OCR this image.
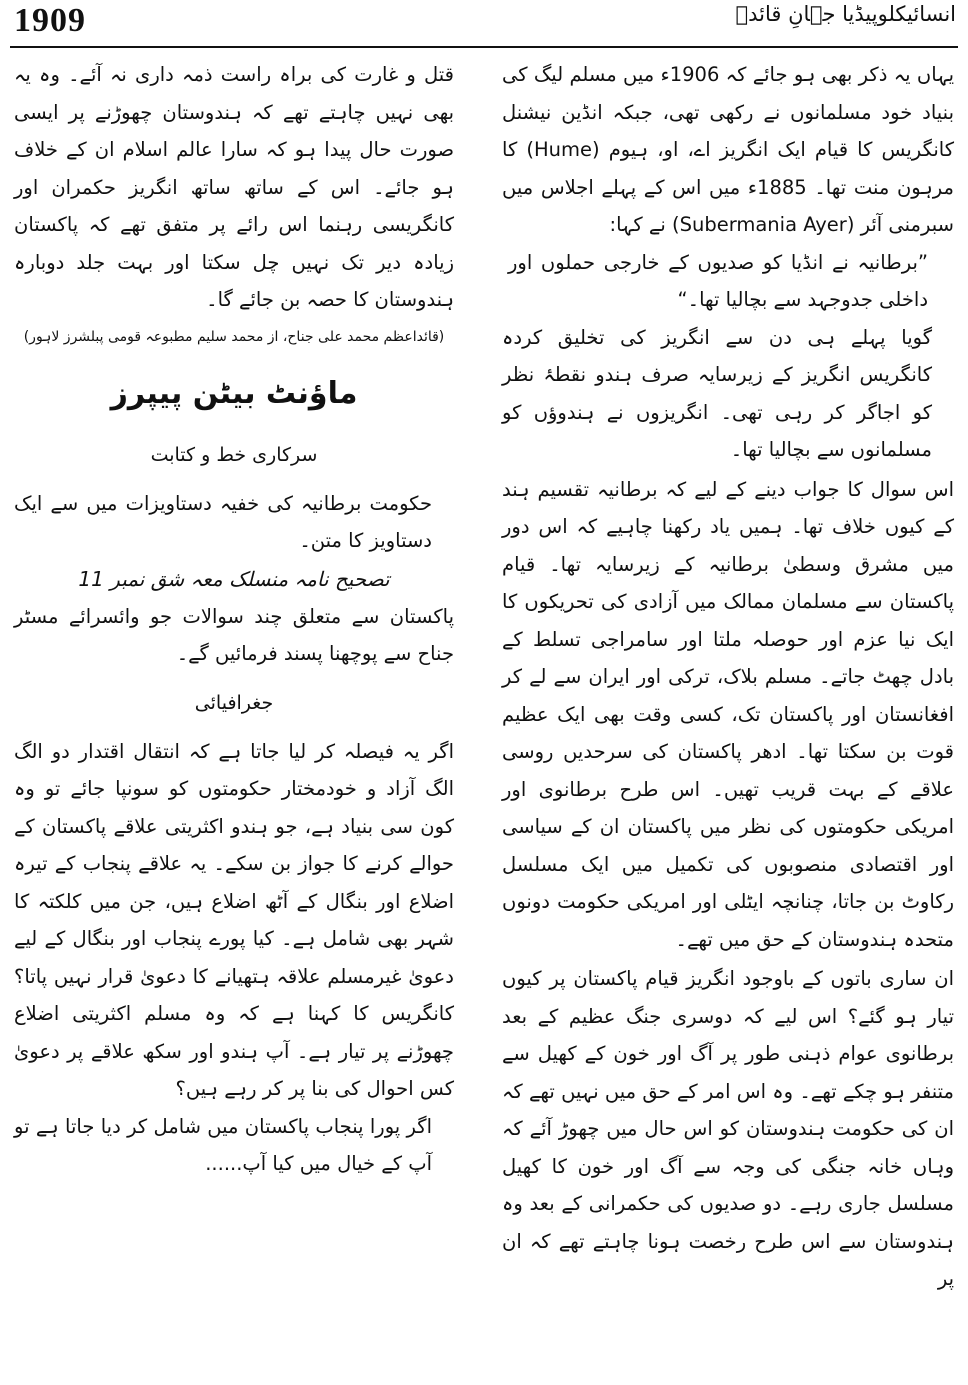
1909	انسائیکلوپیڈیا جہانِ قائدؒ

یہاں یہ ذکر بھی ہو جائے کہ 1906ء میں مسلم لیگ کی بنیاد خود مسلمانوں نے رکھی تھی، جبکہ انڈین نیشنل کانگریس کا قیام ایک انگریز اے، او، ہیوم (Hume) کا مرہون منت تھا۔ 1885ء میں اس کے پہلے اجلاس میں سبرمنی آئر (Subermania Ayer) نے کہا:

”برطانیہ نے انڈیا کو صدیوں کے خارجی حملوں اور داخلی جدوجہد سے بچالیا تھا۔“

گویا پہلے ہی دن سے انگریز کی تخلیق کردہ کانگریس انگریز کے زیرسایہ صرف ہندو نقطۂ نظر کو اجاگر کر رہی تھی۔ انگریزوں نے ہندوؤں کو مسلمانوں سے بچالیا تھا۔

اس سوال کا جواب دینے کے لیے کہ برطانیہ تقسیم ہند کے کیوں خلاف تھا۔ ہمیں یاد رکھنا چاہیے کہ اس دور میں مشرق وسطیٰ برطانیہ کے زیرسایہ تھا۔ قیام پاکستان سے مسلمان ممالک میں آزادی کی تحریکوں کا ایک نیا عزم اور حوصلہ ملتا اور سامراجی تسلط کے بادل چھٹ جاتے۔ مسلم بلاک، ترکی اور ایران سے لے کر افغانستان اور پاکستان تک، کسی وقت بھی ایک عظیم قوت بن سکتا تھا۔ ادھر پاکستان کی سرحدیں روسی علاقے کے بہت قریب تھیں۔ اس طرح برطانوی اور امریکی حکومتوں کی نظر میں پاکستان ان کے سیاسی اور اقتصادی منصوبوں کی تکمیل میں ایک مسلسل رکاوٹ بن جاتا، چنانچہ ایٹلی اور امریکی حکومت دونوں متحدہ ہندوستان کے حق میں تھے۔

ان ساری باتوں کے باوجود انگریز قیام پاکستان پر کیوں تیار ہو گئے؟ اس لیے کہ دوسری جنگ عظیم کے بعد برطانوی عوام ذہنی طور پر آگ اور خون کے کھیل سے متنفر ہو چکے تھے۔ وہ اس امر کے حق میں نہیں تھے کہ ان کی حکومت ہندوستان کو اس حال میں چھوڑ آئے کہ وہاں خانہ جنگی کی وجہ سے آگ اور خون کا کھیل مسلسل جاری رہے۔ دو صدیوں کی حکمرانی کے بعد وہ ہندوستان سے اس طرح رخصت ہونا چاہتے تھے کہ ان پر

قتل و غارت کی براہ راست ذمہ داری نہ آئے۔ وہ یہ بھی نہیں چاہتے تھے کہ ہندوستان چھوڑنے پر ایسی صورت حال پیدا ہو کہ سارا عالم اسلام ان کے خلاف ہو جائے۔ اس کے ساتھ ساتھ انگریز حکمران اور کانگریسی رہنما اس رائے پر متفق تھے کہ پاکستان زیادہ دیر تک نہیں چل سکتا اور بہت جلد دوبارہ ہندوستان کا حصہ بن جائے گا۔

(قائداعظم محمد علی جناح، از محمد سلیم مطبوعہ قومی پبلشرز لاہور)

ماؤنٹ بیٹن پیپرز

سرکاری خط و کتابت

حکومت برطانیہ کی خفیہ دستاویزات میں سے ایک دستاویز کا متن۔

تصحیح نامہ منسلک معہ شق نمبر 11

پاکستان سے متعلق چند سوالات جو وائسرائے مسٹر جناح سے پوچھنا پسند فرمائیں گے۔

جغرافیائی

اگر یہ فیصلہ کر لیا جاتا ہے کہ انتقال اقتدار دو الگ الگ آزاد و خودمختار حکومتوں کو سونپا جائے تو وہ کون سی بنیاد ہے، جو ہندو اکثریتی علاقے پاکستان کے حوالے کرنے کا جواز بن سکے۔ یہ علاقے پنجاب کے تیرہ اضلاع اور بنگال کے آٹھ اضلاع ہیں، جن میں کلکتہ کا شہر بھی شامل ہے۔ کیا پورے پنجاب اور بنگال کے لیے دعویٰ غیرمسلم علاقہ ہتھیانے کا دعویٰ قرار نہیں پاتا؟ کانگریس کا کہنا ہے کہ وہ مسلم اکثریتی اضلاع چھوڑنے پر تیار ہے۔ آپ ہندو اور سکھ علاقے پر دعویٰ کس احوال کی بنا پر کر رہے ہیں؟

اگر پورا پنجاب پاکستان میں شامل کر دیا جاتا ہے تو آپ کے خیال میں کیا آپ......
